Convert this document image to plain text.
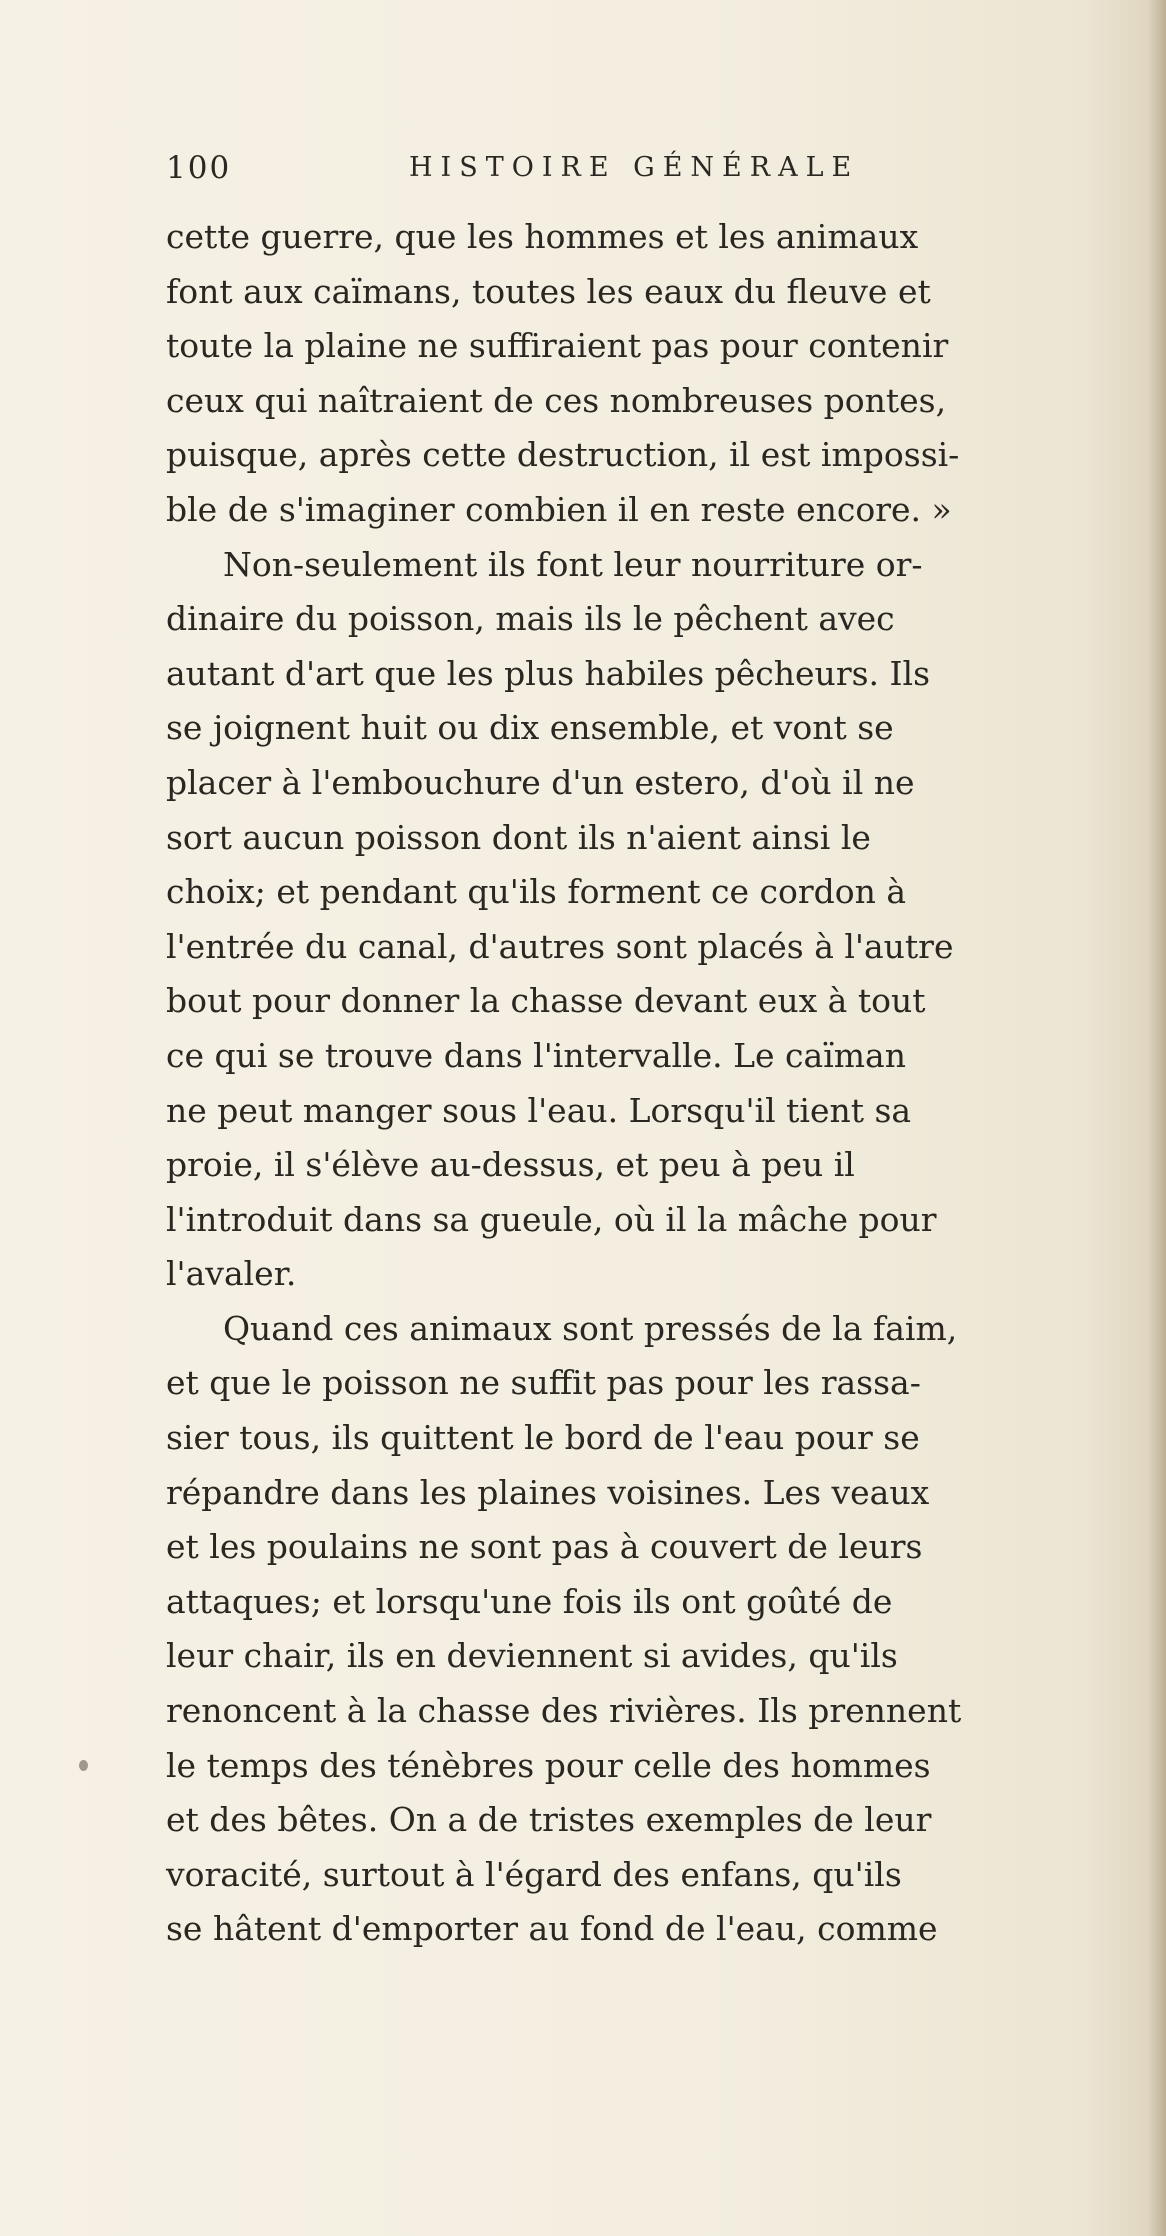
100	HISTOIRE GÉNÉRALE
cette guerre, que les hommes et les animaux
font aux caïmans, toutes les eaux du fleuve et
toute la plaine ne suffiraient pas pour contenir
ceux qui naîtraient de ces nombreuses pontes,
puisque, après cette destruction, il est impossi-
ble de s'imaginer combien il en reste encore. »
Non-seulement ils font leur nourriture or-
dinaire du poisson, mais ils le pêchent avec
autant d'art que les plus habiles pêcheurs. Ils
se joignent huit ou dix ensemble, et vont se
placer à l'embouchure d'un estero, d'où il ne
sort aucun poisson dont ils n'aient ainsi le
choix; et pendant qu'ils forment ce cordon à
l'entrée du canal, d'autres sont placés à l'autre
bout pour donner la chasse devant eux à tout
ce qui se trouve dans l'intervalle. Le caïman
ne peut manger sous l'eau. Lorsqu'il tient sa
proie, il s'élève au-dessus, et peu à peu il
l'introduit dans sa gueule, où il la mâche pour
l'avaler.
Quand ces animaux sont pressés de la faim,
et que le poisson ne suffit pas pour les rassa-
sier tous, ils quittent le bord de l'eau pour se
répandre dans les plaines voisines. Les veaux
et les poulains ne sont pas à couvert de leurs
attaques; et lorsqu'une fois ils ont goûté de
leur chair, ils en deviennent si avides, qu'ils
renoncent à la chasse des rivières. Ils prennent
le temps des ténèbres pour celle des hommes
et des bêtes. On a de tristes exemples de leur
voracité, surtout à l'égard des enfans, qu'ils
se hâtent d'emporter au fond de l'eau, comme
